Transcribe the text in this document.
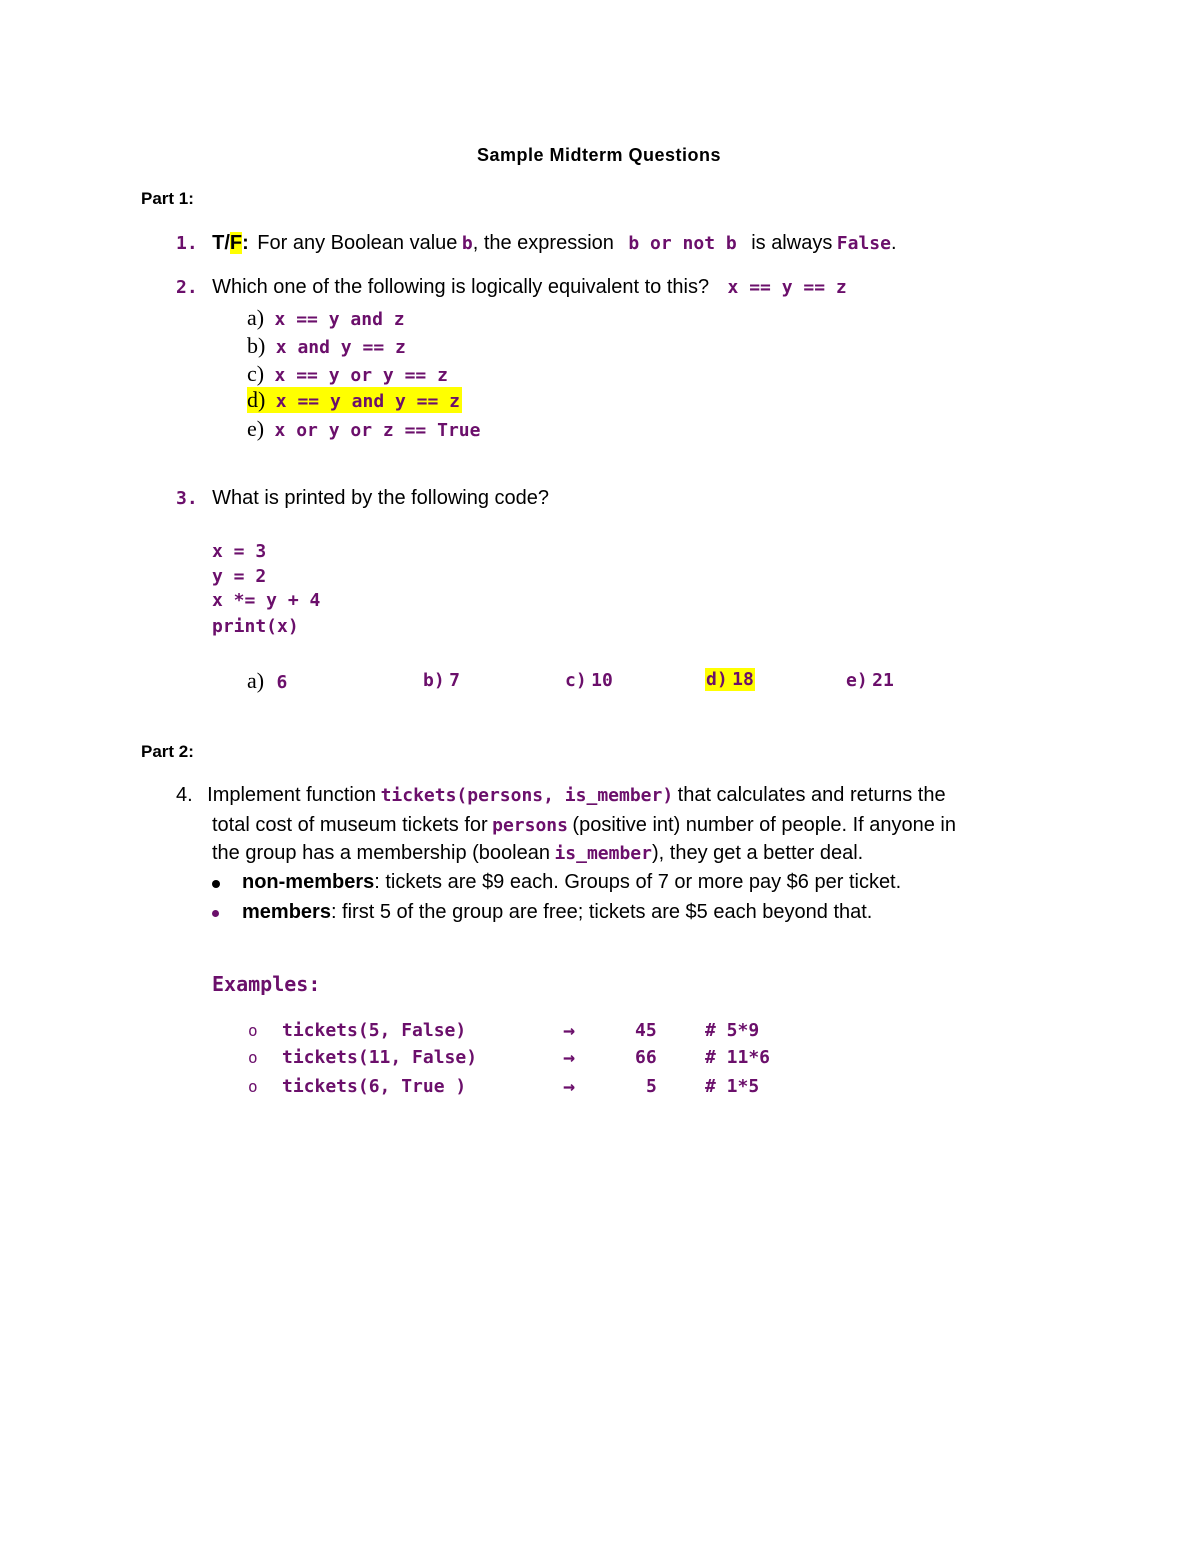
Sample Midterm Questions
Part 1:
1. T/F: For any Boolean value b, the expression b or not b is always False.
2. Which one of the following is logically equivalent to this? x == y == z
a) x == y and z
b) x and y == z
c) x == y or y == z
d) x == y and y == z
e) x or y or z == True
3. What is printed by the following code?
x = 3
y = 2
x *= y + 4
print(x)
a) 6	b) 7	c) 10	d) 18	e) 21
Part 2:
4. Implement function tickets(persons, is_member) that calculates and returns the
total cost of museum tickets for persons (positive int) number of people. If anyone in
the group has a membership (boolean is_member), they get a better deal.
non-members: tickets are $9 each. Groups of 7 or more pay $6 per ticket.
members: first 5 of the group are free; tickets are $5 each beyond that.
Examples:
o tickets(5, False)	→	45	# 5*9
o tickets(11, False)	→	66	# 11*6
o tickets(6, True )	→	5	# 1*5
